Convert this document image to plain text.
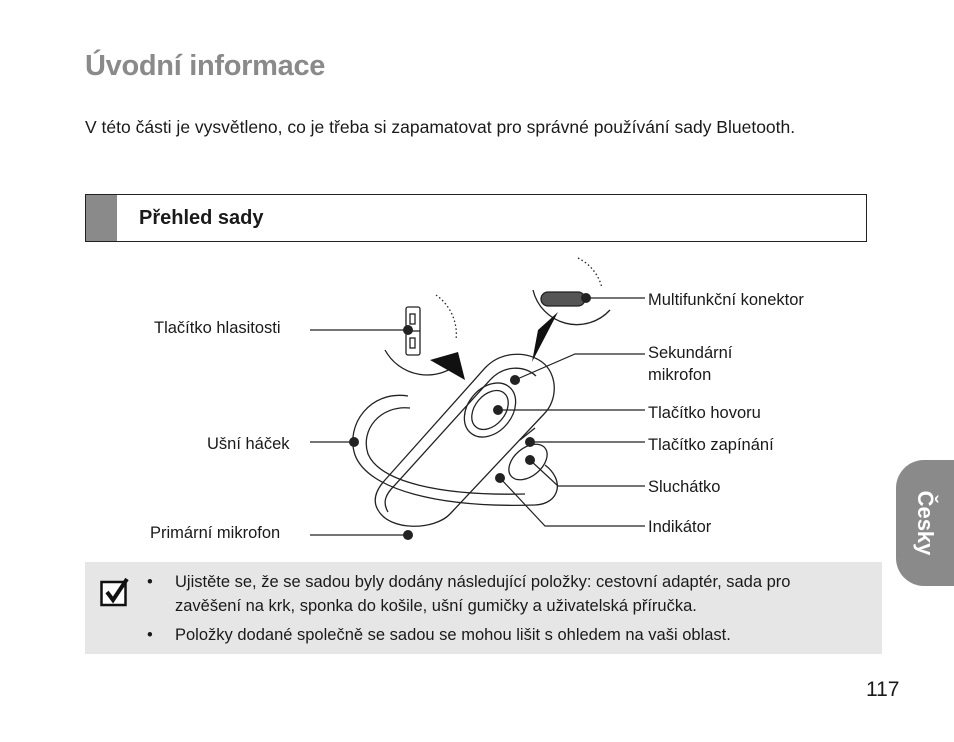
Úvodní informace
V této části je vysvětleno, co je třeba si zapamatovat pro správné používání sady Bluetooth.
Přehled sady
Tlačítko hlasitosti
Ušní háček
Primární mikrofon
Multifunkční konektor
Sekundární
mikrofon
Tlačítko hovoru
Tlačítko zapínání
Sluchátko
Indikátor
• Ujistěte se, že se sadou byly dodány následující položky: cestovní adaptér, sada pro zavěšení na krk, sponka do košile, ušní gumičky a uživatelská příručka.
• Položky dodané společně se sadou se mohou lišit s ohledem na vaši oblast.
Česky
117
